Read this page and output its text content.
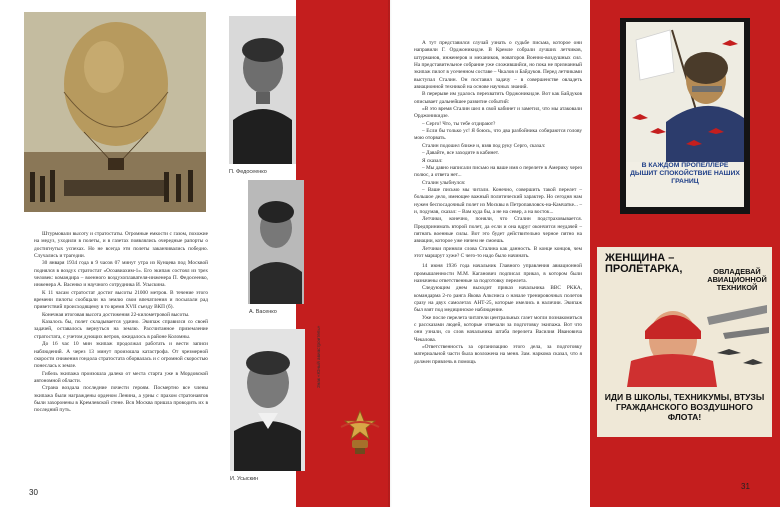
Штурмовали высоту и стратостаты. Огромные емкости с газом, похожие на медуз, уходили в полеты, и в газетах появлялись очередные рапорты о достигнутых успехах. Но не всегда эти полеты заканчивались победно. Случались и трагедии.

30 января 1934 года в 9 часов 07 минут утра из Кунцева под Москвой поднялся в воздух стратостат «Осоавиахим-1». Его экипаж состоял из трех человек: командира – военного воздухоплавателя-инженера П. Федосеенко, инженера А. Васенко и научного сотрудника И. Усыскина.

К 11 часам стратостат достиг высоты 21000 метров. В течение этого времени пилоты сообщали на землю свои впечатления и посылали рад приветствий происходящему в то время XVII съезду ВКП (б).

Конечная итоговая высота достижения 22-километровой высоты.

Казалось бы, полет складывается удачно. Экипаж справился со своей задачей, оставалось вернуться на землю. Рассчитанное приземление стратостата, с учетом дующих ветров, ожидалось в районе Коломны.

До 16 час 10 мин экипаж продолжал работать и вести записи наблюдений. А через 13 минут произошла катастрофа. От чрезмерной скорости снижения гондола стратостата оборвалась и с огромной скоростью понеслась к земле.

Гибель экипажа произошла далеко от места старта уже в Мордовской автономной области.

Страна воздала последние почести героям. Посмертно все члены экипажа были награждены орденом Ленина, а урны с прахом стратонавтов были захоронены в Кремлевской стене. Вся Москва пришла проводить их в последний путь.

П. Федосеенко
А. Васенко
И. Усыскин
Знак «Юный авиастроитель»
30

А тут представился случай узнать о судьбе письма, которое они направили Г. Орджоникидзе. В Кремле собрали лучших летчиков, штурманов, инженеров и механиков, новаторов Военно-воздушных сил. На представительное собрание уже сложившийся, но пока не признанный экипаж пилот в усеченном составе – Чкалов и Байдуков. Перед летчиками выступал Сталин. Он поставил задачу – в совершенстве овладеть авиационной техникой на основе научных знаний.

В перерыве им удалось перехватить Орджоникидзе. Вот как Байдуков описывает дальнейшее развитие событий:

«В это время Сталин шел в свой кабинет и заметил, что мы атаковали Орджоникидзе.

– Серго! Что, ты тебе отдирают?

– Если бы только ус! Я боюсь, что два разбойника собираются голову мою оторвать.

Сталин подошел ближе и, взяв под руку Серго, сказал:

– Давайте, все заходите в кабинет.

Я сказал:

– Мы давно написали письмо на ваше имя о перелете в Америку через полюс, а ответа нет...

Сталин улыбнулся:

– Ваше письмо мы читали. Конечно, совершить такой перелет – большое дело, имеющее важный политический характер. Но сегодня нам нужен беспосадочный полет из Москвы в Петропавловск-на-Камчатке... – и, подумав, сказал: – Вам куда бы, а не на север, а на восток...

Летчики, конечно, поняли, что Сталин подстраховывается. Предпринимать второй полет, да если и она вдруг окончится неудачей – пятнать военные силы. Вот это будет действительно черное пятно на авиации, которое уже ничем не смоешь.

Летчики приняли слова Сталина как данность. В конце концов, чем этот маршрут хуже? С чего-то надо было начинать.

14 июня 1936 года начальник Главного управления авиационной промышленности М.М. Каганович подписал приказ, в котором были назначены ответственные за подготовку перелета.

Следующим днем выходит приказ начальника ВВС РККА, командарма 2-го ранга Якова Алксниса о начале тренировочных полетов сразу на двух самолетах АНТ-25, которые имелись в наличии. Экипаж был взят под медицинское наблюдение.

Уже после перелета читатели центральных газет могли познакомиться с рассказами людей, которые отвечали за подготовку экипажа. Вот что они узнали, со слов начальника штаба перелета Василия Ивановича Чекалова.

«Ответственность за организацию этого дела, за подготовку материальной части была возложена на меня. Зам. наркома сказал, что я должен привлечь в помощь

В КАЖДОМ ПРОПЕЛЛЕРЕ ДЫШИТ СПОКОЙСТВИЕ НАШИХ ГРАНИЦ
ЖЕНЩИНА – ПРОЛЕТАРКА,	ОВЛАДЕВАЙ АВИАЦИОННОЙ ТЕХНИКОЙ
ИДИ В ШКОЛЫ, ТЕХНИКУМЫ, ВТУЗЫ ГРАЖДАНСКОГО ВОЗДУШНОГО ФЛОТА!
31
